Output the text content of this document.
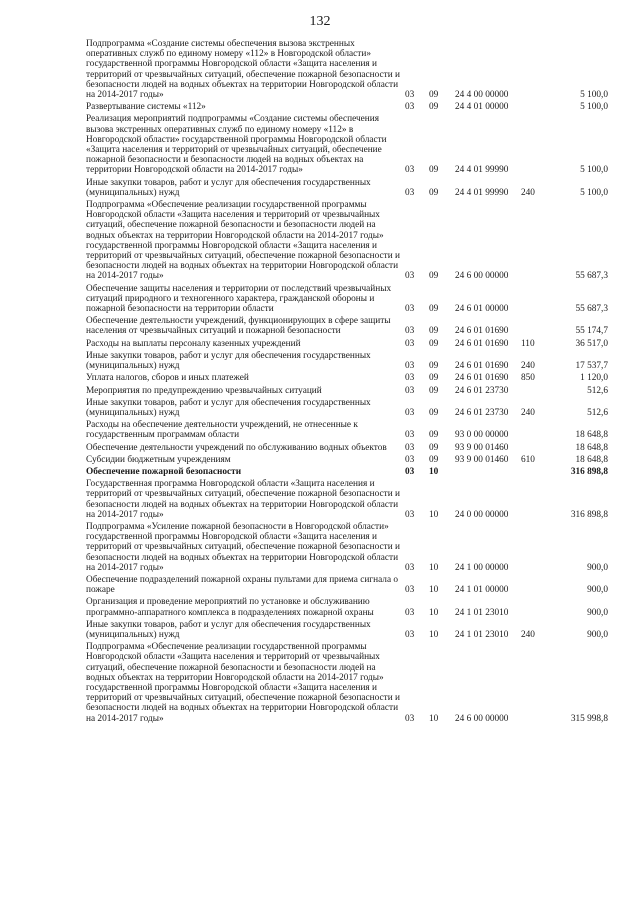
132
Подпрограмма «Создание системы обеспечения вызова экстренных оперативных служб по единому номеру «112» в Новгородской области» государственной программы Новгородской области «Защита населения и территорий от чрезвычайных ситуаций, обеспечение пожарной безопасности и безопасности людей на водных объектах на территории Новгородской области на 2014-2017 годы»	03	09	24 4 00 00000		5 100,0
Развертывание системы «112»	03	09	24 4 01 00000		5 100,0
Реализация мероприятий подпрограммы «Создание системы обеспечения вызова экстренных оперативных служб по единому номеру «112» в Новгородской области» государственной программы Новгородской области «Защита населения и территорий от чрезвычайных ситуаций, обеспечение пожарной безопасности и безопасности людей на водных объектах на территории Новгородской области на 2014-2017 годы»	03	09	24 4 01 99990		5 100,0
Иные закупки товаров, работ и услуг для обеспечения государственных (муниципальных) нужд	03	09	24 4 01 99990	240	5 100,0
Подпрограмма «Обеспечение реализации государственной программы Новгородской области «Защита населения и территорий от чрезвычайных ситуаций, обеспечение пожарной безопасности и безопасности людей на водных объектах на территории Новгородской области на 2014-2017 годы» государственной программы Новгородской области «Защита населения и территорий от чрезвычайных ситуаций, обеспечение пожарной безопасности и безопасности людей на водных объектах на территории Новгородской области на 2014-2017 годы»	03	09	24 6 00 00000		55 687,3
Обеспечение защиты населения и территории от последствий чрезвычайных ситуаций природного и техногенного характера, гражданской обороны и пожарной безопасности на территории области	03	09	24 6 01 00000		55 687,3
Обеспечение деятельности учреждений, функционирующих в сфере защиты населения от чрезвычайных ситуаций и пожарной безопасности	03	09	24 6 01 01690		55 174,7
Расходы на выплаты персоналу казенных учреждений	03	09	24 6 01 01690	110	36 517,0
Иные закупки товаров, работ и услуг для обеспечения государственных (муниципальных) нужд	03	09	24 6 01 01690	240	17 537,7
Уплата налогов, сборов и иных платежей	03	09	24 6 01 01690	850	1 120,0
Мероприятия по предупреждению чрезвычайных ситуаций	03	09	24 6 01 23730		512,6
Иные закупки товаров, работ и услуг для обеспечения государственных (муниципальных) нужд	03	09	24 6 01 23730	240	512,6
Расходы на обеспечение деятельности учреждений, не отнесенные к государственным программам области	03	09	93 0 00 00000		18 648,8
Обеспечение деятельности учреждений по обслуживанию водных объектов	03	09	93 9 00 01460		18 648,8
Субсидии бюджетным учреждениям	03	09	93 9 00 01460	610	18 648,8
Обеспечение пожарной безопасности	03	10			316 898,8
Государственная программа Новгородской области «Защита населения и территорий от чрезвычайных ситуаций, обеспечение пожарной безопасности и безопасности людей на водных объектах на территории Новгородской области на 2014-2017 годы»	03	10	24 0 00 00000		316 898,8
Подпрограмма «Усиление пожарной безопасности в Новгородской области» государственной программы Новгородской области «Защита населения и территорий от чрезвычайных ситуаций, обеспечение пожарной безопасности и безопасности людей на водных объектах на территории Новгородской области на 2014-2017 годы»	03	10	24 1 00 00000		900,0
Обеспечение подразделений пожарной охраны пультами для приема сигнала о пожаре	03	10	24 1 01 00000		900,0
Организация и проведение мероприятий по установке и обслуживанию программно-аппаратного комплекса в подразделениях пожарной охраны	03	10	24 1 01 23010		900,0
Иные закупки товаров, работ и услуг для обеспечения государственных (муниципальных) нужд	03	10	24 1 01 23010	240	900,0
Подпрограмма «Обеспечение реализации государственной программы Новгородской области «Защита населения и территорий от чрезвычайных ситуаций, обеспечение пожарной безопасности и безопасности людей на водных объектах на территории Новгородской области на 2014-2017 годы» государственной программы Новгородской области «Защита населения и территорий от чрезвычайных ситуаций, обеспечение пожарной безопасности и безопасности людей на водных объектах на территории Новгородской области на 2014-2017 годы»	03	10	24 6 00 00000		315 998,8
